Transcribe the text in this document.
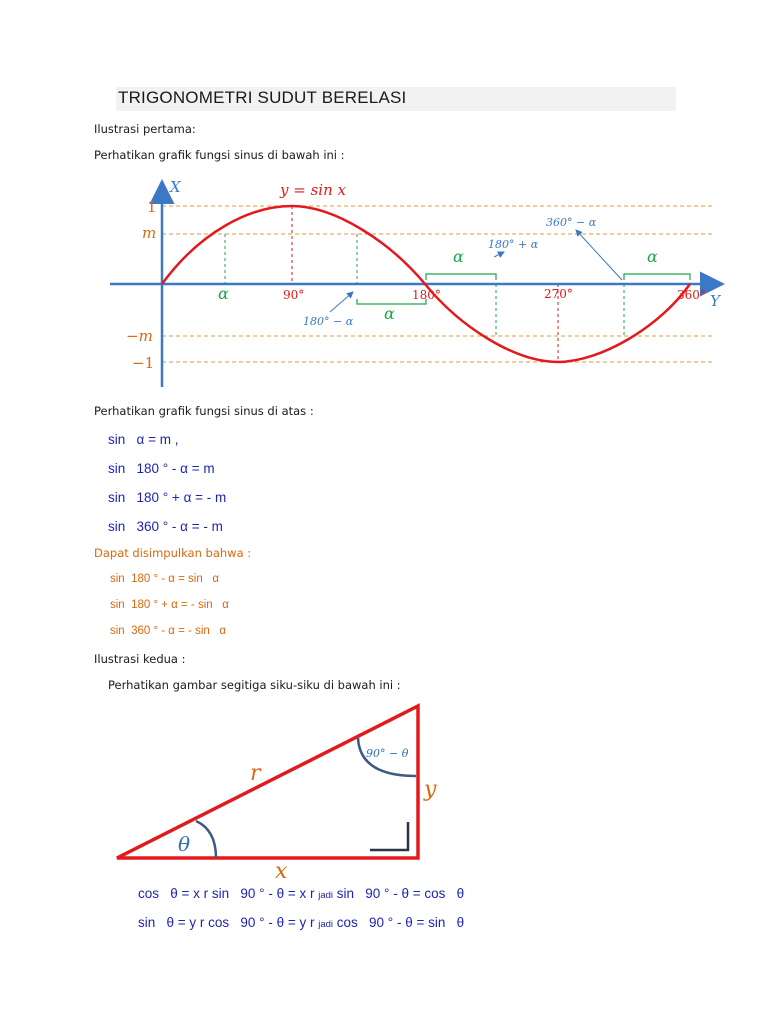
TRIGONOMETRI SUDUT BERELASI
Ilustrasi pertama:
Perhatikan grafik fungsi sinus di bawah ini :
X
Y
y = sin x
1
m
−m
−1
90°	180°	270°	360°
α
α
α	α
180° − α
180° + α
360° − α
Perhatikan grafik fungsi sinus di atas :
sin   α = m ,
sin   180 ° - α = m
sin   180 ° + α = - m
sin   360 ° - α = - m
Dapat disimpulkan bahwa :
sin  180 ° - α = sin   α
sin  180 ° + α = - sin   α
sin  360 ° - α = - sin   α
Ilustrasi kedua :
Perhatikan gambar segitiga siku-siku di bawah ini :
r
y
x
θ
90° − θ
cos   θ = x r sin   90 ° - θ = x r jadi sin   90 ° - θ = cos   θ
sin   θ = y r cos   90 ° - θ = y r jadi cos   90 ° - θ = sin   θ
